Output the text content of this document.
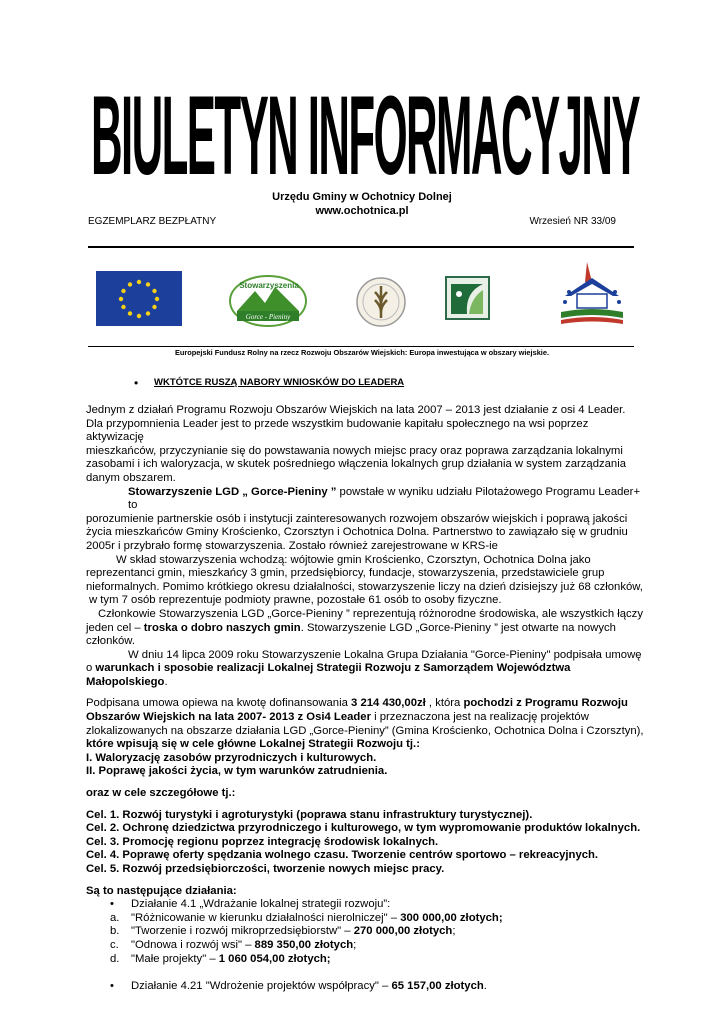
BIULETYN INFORMACYJNY
Urzędu Gminy w Ochotnicy Dolnej
www.ochotnica.pl
EGZEMPLARZ BEZPŁATNY	Wrzesień NR 33/09
Stowarzyszenia
Gorce - Pieniny
Europejski Fundusz Rolny na rzecz Rozwoju Obszarów Wiejskich: Europa inwestująca w obszary wiejskie.
• WKTÓTCE RUSZĄ NABORY WNIOSKÓW DO LEADERA

Jednym z działań Programu Rozwoju Obszarów Wiejskich na lata 2007 – 2013 jest działanie z osi 4 Leader.

Dla przypomnienia Leader jest to przede wszystkim budowanie kapitału społecznego na wsi poprzez aktywizację

mieszkańców, przyczynianie się do powstawania nowych miejsc pracy oraz poprawa zarządzania lokalnymi

zasobami i ich waloryzacja, w skutek pośredniego włączenia lokalnych grup działania w system zarządzania

danym obszarem.

Stowarzyszenie LGD „ Gorce-Pieniny ” powstałe w wyniku udziału Pilotażowego Programu Leader+ to

porozumienie partnerskie osób i instytucji zainteresowanych rozwojem obszarów wiejskich i poprawą jakości

życia mieszkańców Gminy Krościenko, Czorsztyn i Ochotnica Dolna. Partnerstwo to zawiązało się w grudniu

2005r i przybrało formę stowarzyszenia. Zostało również zarejestrowane w KRS-ie

W skład stowarzyszenia wchodzą: wójtowie gmin Krościenko, Czorsztyn, Ochotnica Dolna jako

reprezentanci gmin, mieszkańcy 3 gmin, przedsiębiorcy, fundacje, stowarzyszenia, przedstawiciele grup

nieformalnych. Pomimo krótkiego okresu działalności, stowarzyszenie liczy na dzień dzisiejszy już 68 członków,

w tym 7 osób reprezentuje podmioty prawne, pozostałe 61 osób to osoby fizyczne.

Członkowie Stowarzyszenia LGD „Gorce-Pieniny ” reprezentują różnorodne środowiska, ale wszystkich łączy

jeden cel – troska o dobro naszych gmin. Stowarzyszenie LGD „Gorce-Pieniny ” jest otwarte na nowych

członków.

W dniu 14 lipca 2009 roku Stowarzyszenie Lokalna Grupa Działania "Gorce-Pieniny" podpisała umowę

o warunkach i sposobie realizacji Lokalnej Strategii Rozwoju z Samorządem Województwa Małopolskiego.

Podpisana umowa opiewa na kwotę dofinansowania 3 214 430,00zł , która pochodzi z Programu Rozwoju

Obszarów Wiejskich na lata 2007- 2013 z Osi4 Leader i przeznaczona jest na realizację projektów

zlokalizowanych na obszarze działania LGD „Gorce-Pieniny” (Gmina Krościenko, Ochotnica Dolna i Czorsztyn),

które wpisują się w cele główne Lokalnej Strategii Rozwoju tj.:

I. Waloryzację zasobów przyrodniczych i kulturowych.

II. Poprawę jakości życia, w tym warunków zatrudnienia.

oraz w cele szczegółowe tj.:

Cel. 1. Rozwój turystyki i agroturystyki (poprawa stanu infrastruktury turystycznej).

Cel. 2. Ochronę dziedzictwa przyrodniczego i kulturowego, w tym wypromowanie produktów lokalnych.

Cel. 3. Promocję regionu poprzez integrację środowisk lokalnych.

Cel. 4. Poprawę oferty spędzania wolnego czasu. Tworzenie centrów sportowo – rekreacyjnych.

Cel. 5. Rozwój przedsiębiorczości, tworzenie nowych miejsc pracy.

Są to następujące działania:

• Działanie 4.1 „Wdrażanie lokalnej strategii rozwoju”:

a. "Różnicowanie w kierunku działalności nierolniczej" – 300 000,00 złotych;

b. "Tworzenie i rozwój mikroprzedsiębiorstw" – 270 000,00 złotych;

c. "Odnowa i rozwój wsi" – 889 350,00 złotych;

d. "Małe projekty" – 1 060 054,00 złotych;

• Działanie 4.21 "Wdrożenie projektów współpracy" – 65 157,00 złotych.
